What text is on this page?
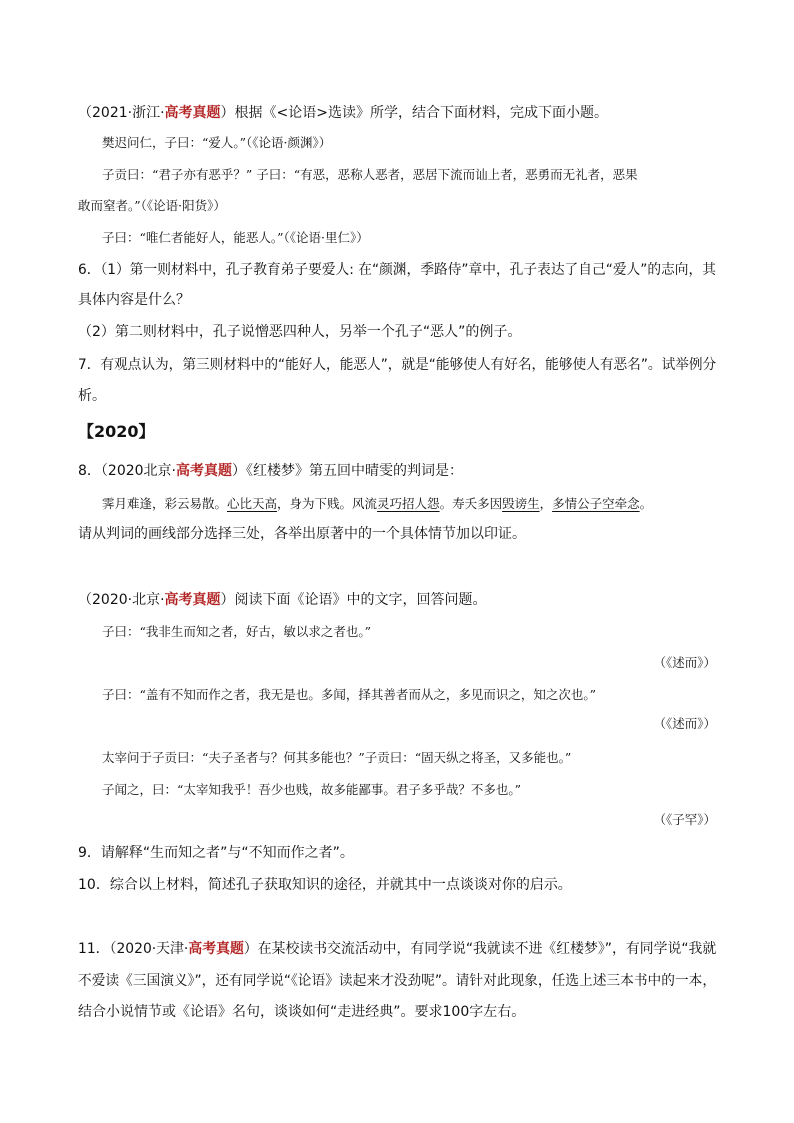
（2021·浙江·高考真题）根据《<论语>选读》所学，结合下面材料，完成下面小题。
樊迟问仁，子曰：“爱人。”（《论语·颜渊》）
子贡曰：“君子亦有恶乎？” 子曰：“有恶，恶称人恶者，恶居下流而讪上者，恶勇而无礼者，恶果
敢而窒者。”（《论语·阳货》）
子曰：“唯仁者能好人，能恶人。”（《论语·里仁》）
6．（1）第一则材料中，孔子教育弟子要爱人: 在“颜渊，季路侍”章中，孔子表达了自己“爱人”的志向，其
具体内容是什么？
（2）第二则材料中，孔子说憎恶四种人，另举一个孔子“恶人”的例子。
7．有观点认为，第三则材料中的“能好人，能恶人”，就是“能够使人有好名，能够使人有恶名”。试举例分
析。
【2020】
8．（2020北京·高考真题）《红楼梦》第五回中晴雯的判词是：
霁月难逢，彩云易散。心比天高，身为下贱。风流灵巧招人怨。寿夭多因毁谤生，多情公子空牵念。
请从判词的画线部分选择三处，各举出原著中的一个具体情节加以印证。
（2020·北京·高考真题）阅读下面《论语》中的文字，回答问题。
子曰：“我非生而知之者，好古，敏以求之者也。”
（《述而》）
子曰：“盖有不知而作之者，我无是也。多闻，择其善者而从之，多见而识之，知之次也。”
（《述而》）
太宰问于子贡曰：“夫子圣者与？何其多能也？”子贡曰：“固天纵之将圣，又多能也。”
子闻之，曰：“太宰知我乎！吾少也贱，故多能鄙事。君子多乎哉？不多也。”
（《子罕》）
9．请解释“生而知之者”与“不知而作之者”。
10．综合以上材料，简述孔子获取知识的途径，并就其中一点谈谈对你的启示。
11．（2020·天津·高考真题）在某校读书交流活动中，有同学说“我就读不进《红楼梦》”，有同学说“我就
不爱读《三国演义》”，还有同学说“《论语》读起来才没劲呢”。请针对此现象，任选上述三本书中的一本，
结合小说情节或《论语》名句，谈谈如何“走进经典”。要求100字左右。
